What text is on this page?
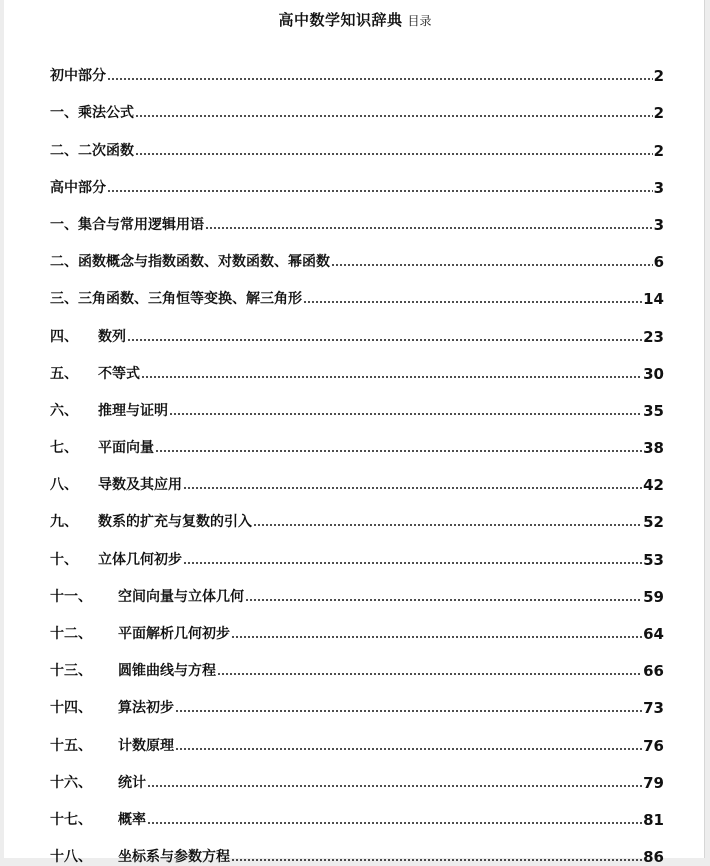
高中数学知识辞典 目录
初中部分	2
一、 乘法公式	2
二、 二次函数	2
高中部分	3
一、 集合与常用逻辑用语	3
二、 函数概念与指数函数、对数函数、幂函数	6
三、 三角函数、三角恒等变换、解三角形	14
四、	数列	23
五、	不等式	30
六、	推理与证明	35
七、	平面向量	38
八、	导数及其应用	42
九、	数系的扩充与复数的引入	52
十、	立体几何初步	53
十一、	空间向量与立体几何	59
十二、	平面解析几何初步	64
十三、	圆锥曲线与方程	66
十四、	算法初步	73
十五、	计数原理	76
十六、	统计	79
十七、	概率	81
十八、	坐标系与参数方程	86
